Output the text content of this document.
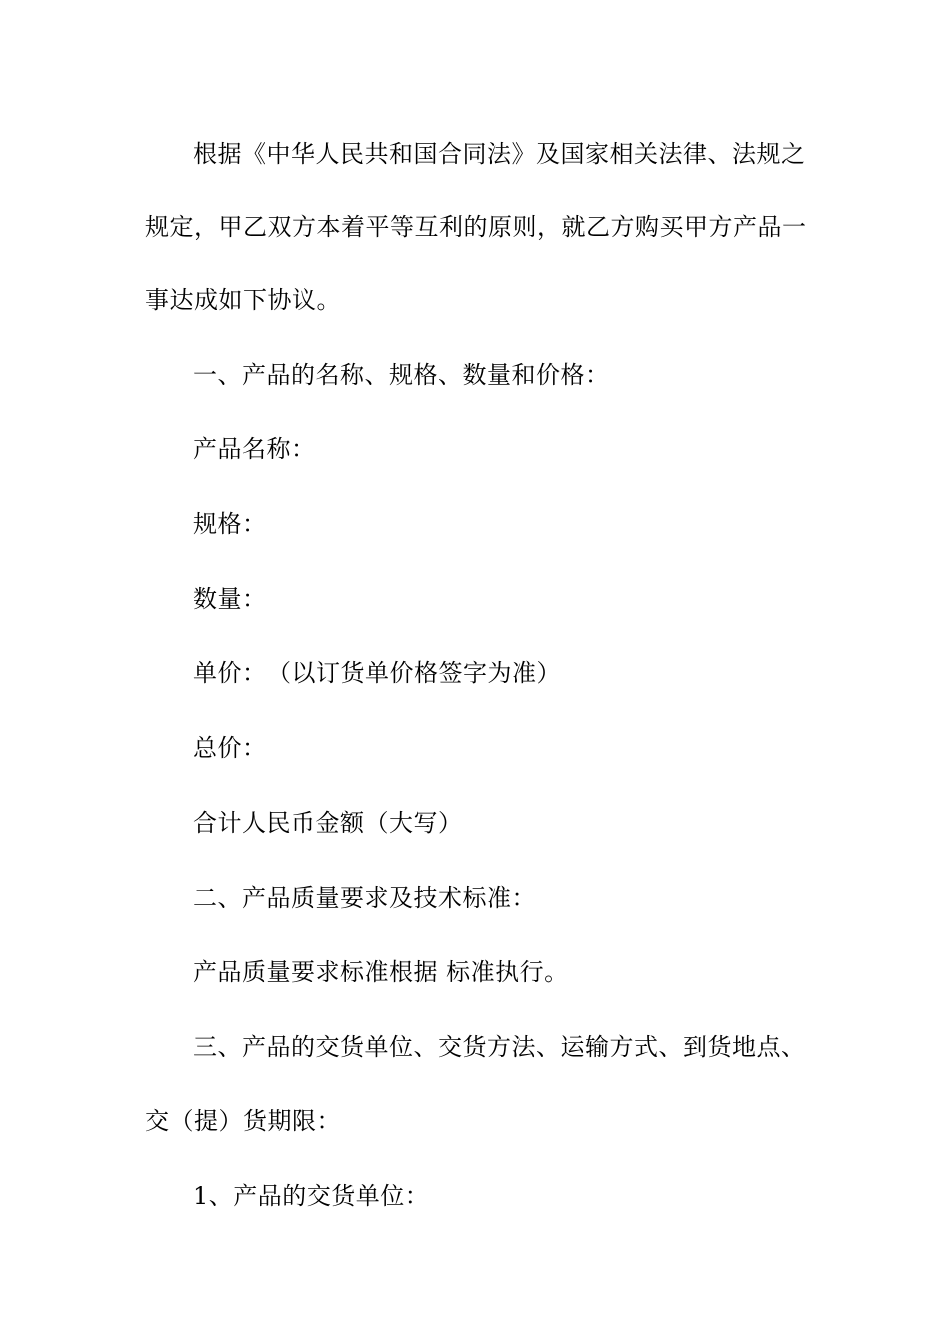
根据《中华人民共和国合同法》及国家相关法律、法规之
规定，甲乙双方本着平等互利的原则，就乙方购买甲方产品一
事达成如下协议。
一、产品的名称、规格、数量和价格：
产品名称：
规格：
数量：
单价：　（以订货单价格签字为准）
总价：
合计人民币金额（大写）
二、产品质量要求及技术标准：
产品质量要求标准根据 标准执行。
三、产品的交货单位、交货方法、运输方式、到货地点、
交（提）货期限：
1、产品的交货单位：
